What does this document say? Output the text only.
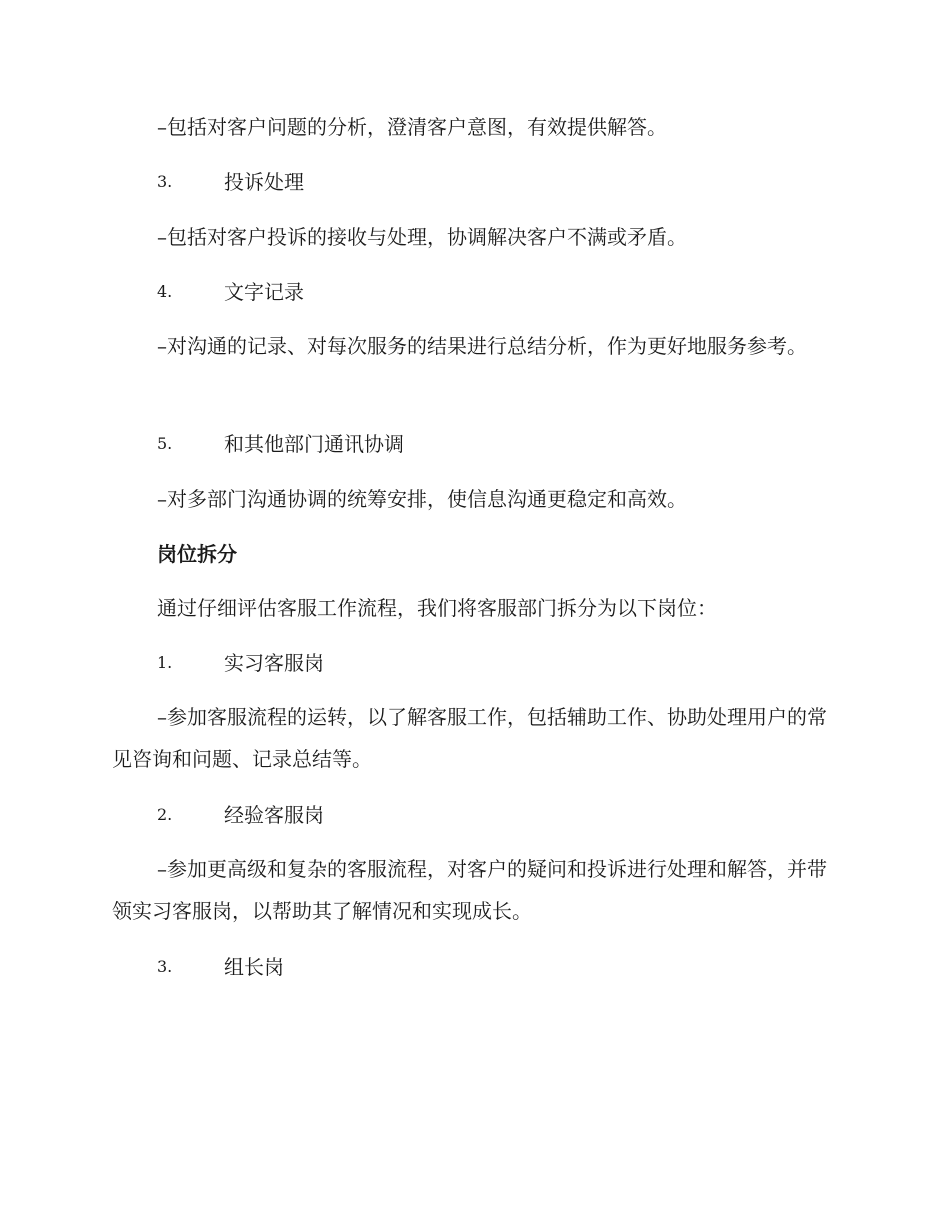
–包括对客户问题的分析，澄清客户意图，有效提供解答。
3.	投诉处理
–包括对客户投诉的接收与处理，协调解决客户不满或矛盾。
4.	文字记录
–对沟通的记录、对每次服务的结果进行总结分析，作为更好地服务参考。
5.	和其他部门通讯协调
–对多部门沟通协调的统筹安排，使信息沟通更稳定和高效。
岗位拆分
通过仔细评估客服工作流程，我们将客服部门拆分为以下岗位：
1.	实习客服岗
–参加客服流程的运转，以了解客服工作，包括辅助工作、协助处理用户的常见咨询和问题、记录总结等。
2.	经验客服岗
–参加更高级和复杂的客服流程，对客户的疑问和投诉进行处理和解答，并带领实习客服岗，以帮助其了解情况和实现成长。
3.	组长岗
